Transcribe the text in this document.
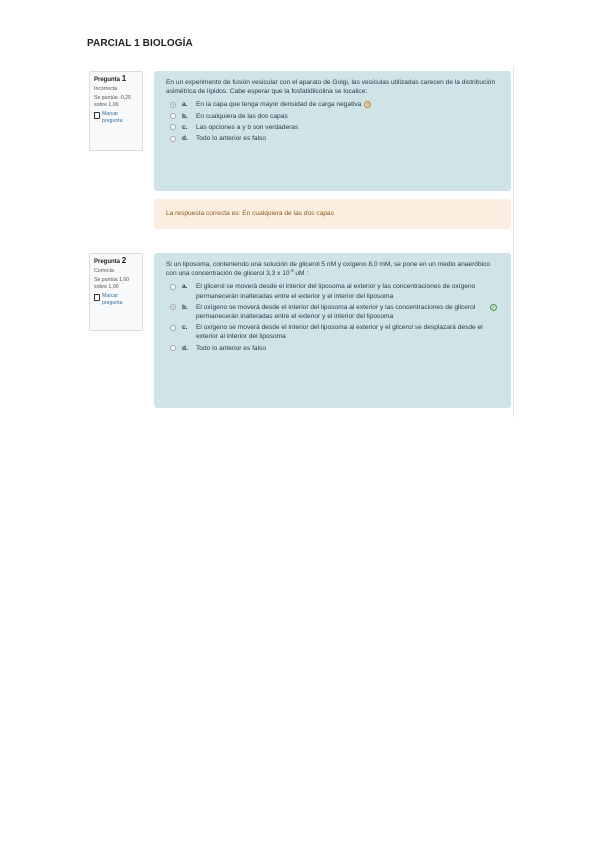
PARCIAL 1 BIOLOGÍA
Pregunta 1
Incorrecta
Se puntúa -0,25 sobre 1,00
Marcar pregunta
En un experimento de fusión vesicular con el aparato de Golgi, las vesículas utilizadas carecen de la distribución asimétrica de lípidos. Cabe esperar que la fosfatidilcolina se localice:
a.	En la capa que tenga mayor densidad de carga negativa ✕
b.	En cualquiera de las dos capas
c.	Las opciones a y b son verdaderas
d.	Todo lo anterior es falso
La respuesta correcta es: En cualquiera de las dos capas
Pregunta 2
Correcta
Se puntúa 1,00 sobre 1,00
Marcar pregunta
Si un liposoma, conteniendo una solución de glicerol 5 nM y oxígeno 8,0 mM, se pone en un medio anaeróbico con una concentración de glicerol 3,3 x $10^{-3}$ uM :
a.	El glicerol se moverá desde el interior del liposoma al exterior y las concentraciones de oxígeno permanecerán inalteradas entre el exterior y el interior del liposoma
b.	El oxígeno se moverá desde el interior del liposoma al exterior y las concentraciones de glicerol permanecerán inalteradas entre el exterior y el interior del liposoma
✓
c.	El oxígeno se moverá desde el interior del liposoma al exterior y el glicerol se desplazará desde el exterior al interior del liposoma
d.	Todo lo anterior es falso
